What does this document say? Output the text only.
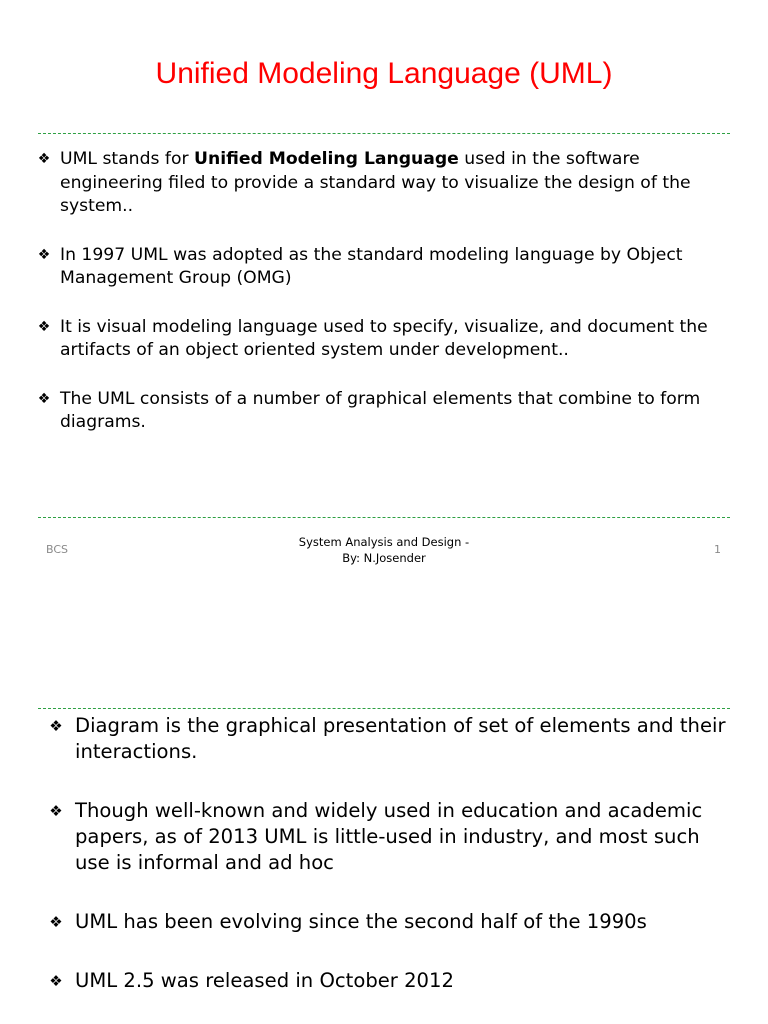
Unified Modeling Language (UML)
❖ UML stands for Unified Modeling Language used in the software engineering filed to provide a standard way to visualize the design of the system..
❖ In 1997 UML was adopted as the standard modeling language by Object Management Group (OMG)
❖ It is visual modeling language used to specify, visualize, and document the artifacts of an object oriented system under development..
❖ The UML consists of a number of graphical elements that combine to form diagrams.
BCS
System Analysis and Design -
By: N.Josender
1
❖ Diagram is the graphical presentation of set of elements and their interactions.
❖ Though well-known and widely used in education and academic papers, as of 2013 UML is little-used in industry, and most such use is informal and ad hoc
❖ UML has been evolving since the second half of the 1990s
❖ UML 2.5 was released in October 2012
